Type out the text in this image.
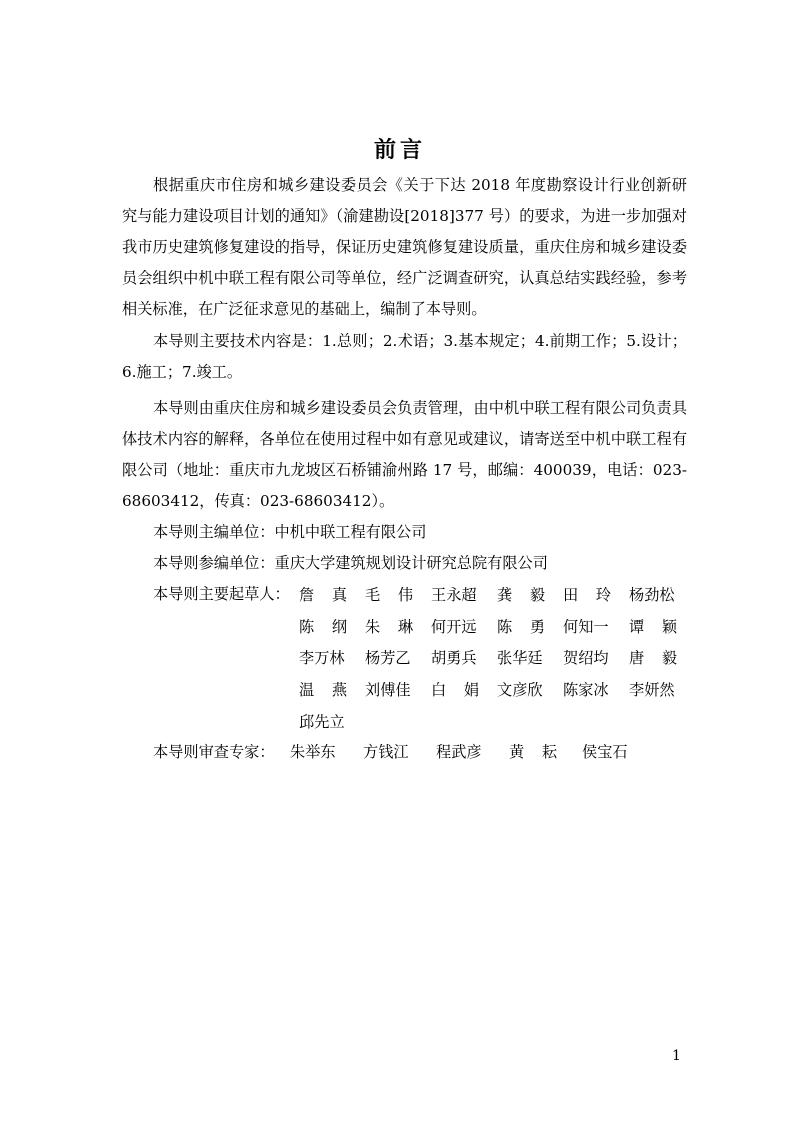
前言

根据重庆市住房和城乡建设委员会《关于下达 2018 年度勘察设计行业创新研究与能力建设项目计划的通知》（渝建勘设[2018]377 号）的要求，为进一步加强对我市历史建筑修复建设的指导，保证历史建筑修复建设质量，重庆住房和城乡建设委员会组织中机中联工程有限公司等单位，经广泛调查研究，认真总结实践经验，参考相关标准，在广泛征求意见的基础上，编制了本导则。

本导则主要技术内容是：1.总则；2.术语；3.基本规定；4.前期工作；5.设计；6.施工；7.竣工。

本导则由重庆住房和城乡建设委员会负责管理，由中机中联工程有限公司负责具体技术内容的解释，各单位在使用过程中如有意见或建议，请寄送至中机中联工程有限公司（地址：重庆市九龙坡区石桥铺渝州路 17 号，邮编：400039，电话：023-68603412，传真：023-68603412）。

本导则主编单位：中机中联工程有限公司
本导则参编单位：重庆大学建筑规划设计研究总院有限公司
本导则主要起草人： 詹 真 毛 伟 王永超 龚 毅 田 玲 杨劲松
陈 纲 朱 琳 何开远 陈 勇 何知一 谭 颖
李万林 杨芳乙 胡勇兵 张华廷 贺绍均 唐 毅
温 燕 刘傅佳 白 娟 文彦欣 陈家冰 李妍然
邱先立
本导则审查专家： 朱举东 方钱江 程武彦 黄 耘 侯宝石
1
